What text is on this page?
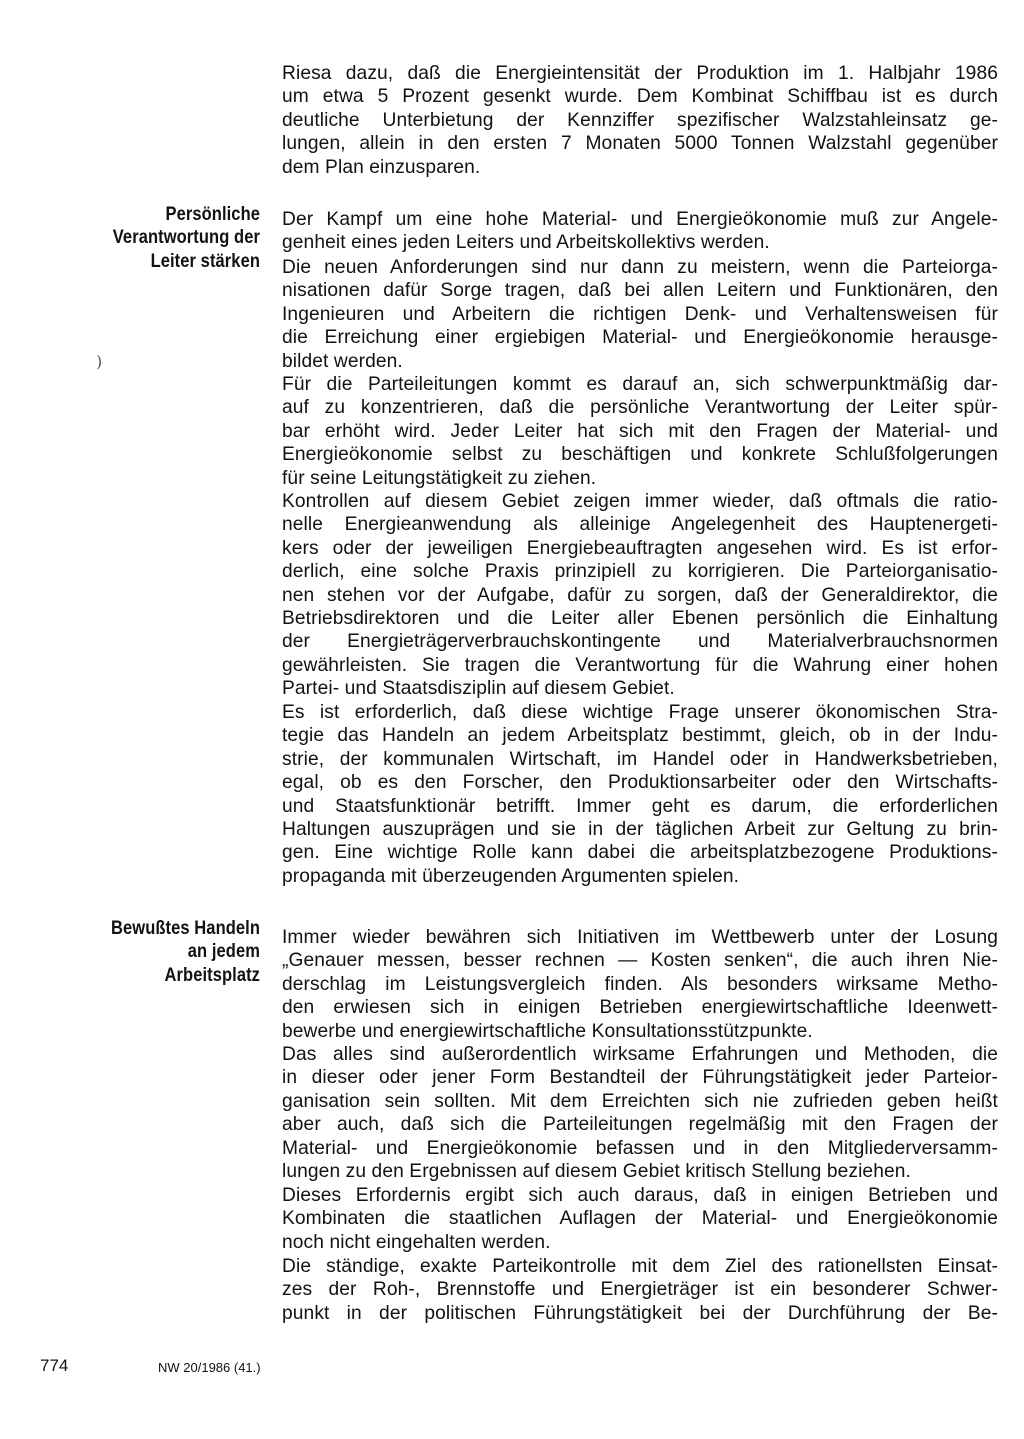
Riesa dazu, daß die Energieintensität der Produktion im 1. Halbjahr 1986
um etwa 5 Prozent gesenkt wurde. Dem Kombinat Schiffbau ist es durch
deutliche Unterbietung der Kennziffer spezifischer Walzstahleinsatz ge-
lungen, allein in den ersten 7 Monaten 5000 Tonnen Walzstahl gegenüber
dem Plan einzusparen.
Persönliche
Verantwortung der
Leiter stärken
Der Kampf um eine hohe Material- und Energieökonomie muß zur Angele-
genheit eines jeden Leiters und Arbeitskollektivs werden.
Die neuen Anforderungen sind nur dann zu meistern, wenn die Parteiorga-
nisationen dafür Sorge tragen, daß bei allen Leitern und Funktionären, den
Ingenieuren und Arbeitern die richtigen Denk- und Verhaltensweisen für
die Erreichung einer ergiebigen Material- und Energieökonomie herausge-
bildet werden.
)
Für die Parteileitungen kommt es darauf an, sich schwerpunktmäßig dar-
auf zu konzentrieren, daß die persönliche Verantwortung der Leiter spür-
bar erhöht wird. Jeder Leiter hat sich mit den Fragen der Material- und
Energieökonomie selbst zu beschäftigen und konkrete Schlußfolgerungen
für seine Leitungstätigkeit zu ziehen.
Kontrollen auf diesem Gebiet zeigen immer wieder, daß oftmals die ratio-
nelle Energieanwendung als alleinige Angelegenheit des Hauptenergeti-
kers oder der jeweiligen Energiebeauftragten angesehen wird. Es ist erfor-
derlich, eine solche Praxis prinzipiell zu korrigieren. Die Parteiorganisatio-
nen stehen vor der Aufgabe, dafür zu sorgen, daß der Generaldirektor, die
Betriebsdirektoren und die Leiter aller Ebenen persönlich die Einhaltung
der Energieträgerverbrauchskontingente und Materialverbrauchsnormen
gewährleisten. Sie tragen die Verantwortung für die Wahrung einer hohen
Partei- und Staatsdisziplin auf diesem Gebiet.
Es ist erforderlich, daß diese wichtige Frage unserer ökonomischen Stra-
tegie das Handeln an jedem Arbeitsplatz bestimmt, gleich, ob in der Indu-
strie, der kommunalen Wirtschaft, im Handel oder in Handwerksbetrieben,
egal, ob es den Forscher, den Produktionsarbeiter oder den Wirtschafts-
und Staatsfunktionär betrifft. Immer geht es darum, die erforderlichen
Haltungen auszuprägen und sie in der täglichen Arbeit zur Geltung zu brin-
gen. Eine wichtige Rolle kann dabei die arbeitsplatzbezogene Produktions-
propaganda mit überzeugenden Argumenten spielen.
Bewußtes Handeln
an jedem
Arbeitsplatz
Immer wieder bewähren sich Initiativen im Wettbewerb unter der Losung
„Genauer messen, besser rechnen — Kosten senken“, die auch ihren Nie-
derschlag im Leistungsvergleich finden. Als besonders wirksame Metho-
den erwiesen sich in einigen Betrieben energiewirtschaftliche Ideenwett-
bewerbe und energiewirtschaftliche Konsultationsstützpunkte.
Das alles sind außerordentlich wirksame Erfahrungen und Methoden, die
in dieser oder jener Form Bestandteil der Führungstätigkeit jeder Parteior-
ganisation sein sollten. Mit dem Erreichten sich nie zufrieden geben heißt
aber auch, daß sich die Parteileitungen regelmäßig mit den Fragen der
Material- und Energieökonomie befassen und in den Mitgliederversamm-
lungen zu den Ergebnissen auf diesem Gebiet kritisch Stellung beziehen.
Dieses Erfordernis ergibt sich auch daraus, daß in einigen Betrieben und
Kombinaten die staatlichen Auflagen der Material- und Energieökonomie
noch nicht eingehalten werden.
Die ständige, exakte Parteikontrolle mit dem Ziel des rationellsten Einsat-
zes der Roh-, Brennstoffe und Energieträger ist ein besonderer Schwer-
punkt in der politischen Führungstätigkeit bei der Durchführung der Be-
774	NW 20/1986 (41.)
